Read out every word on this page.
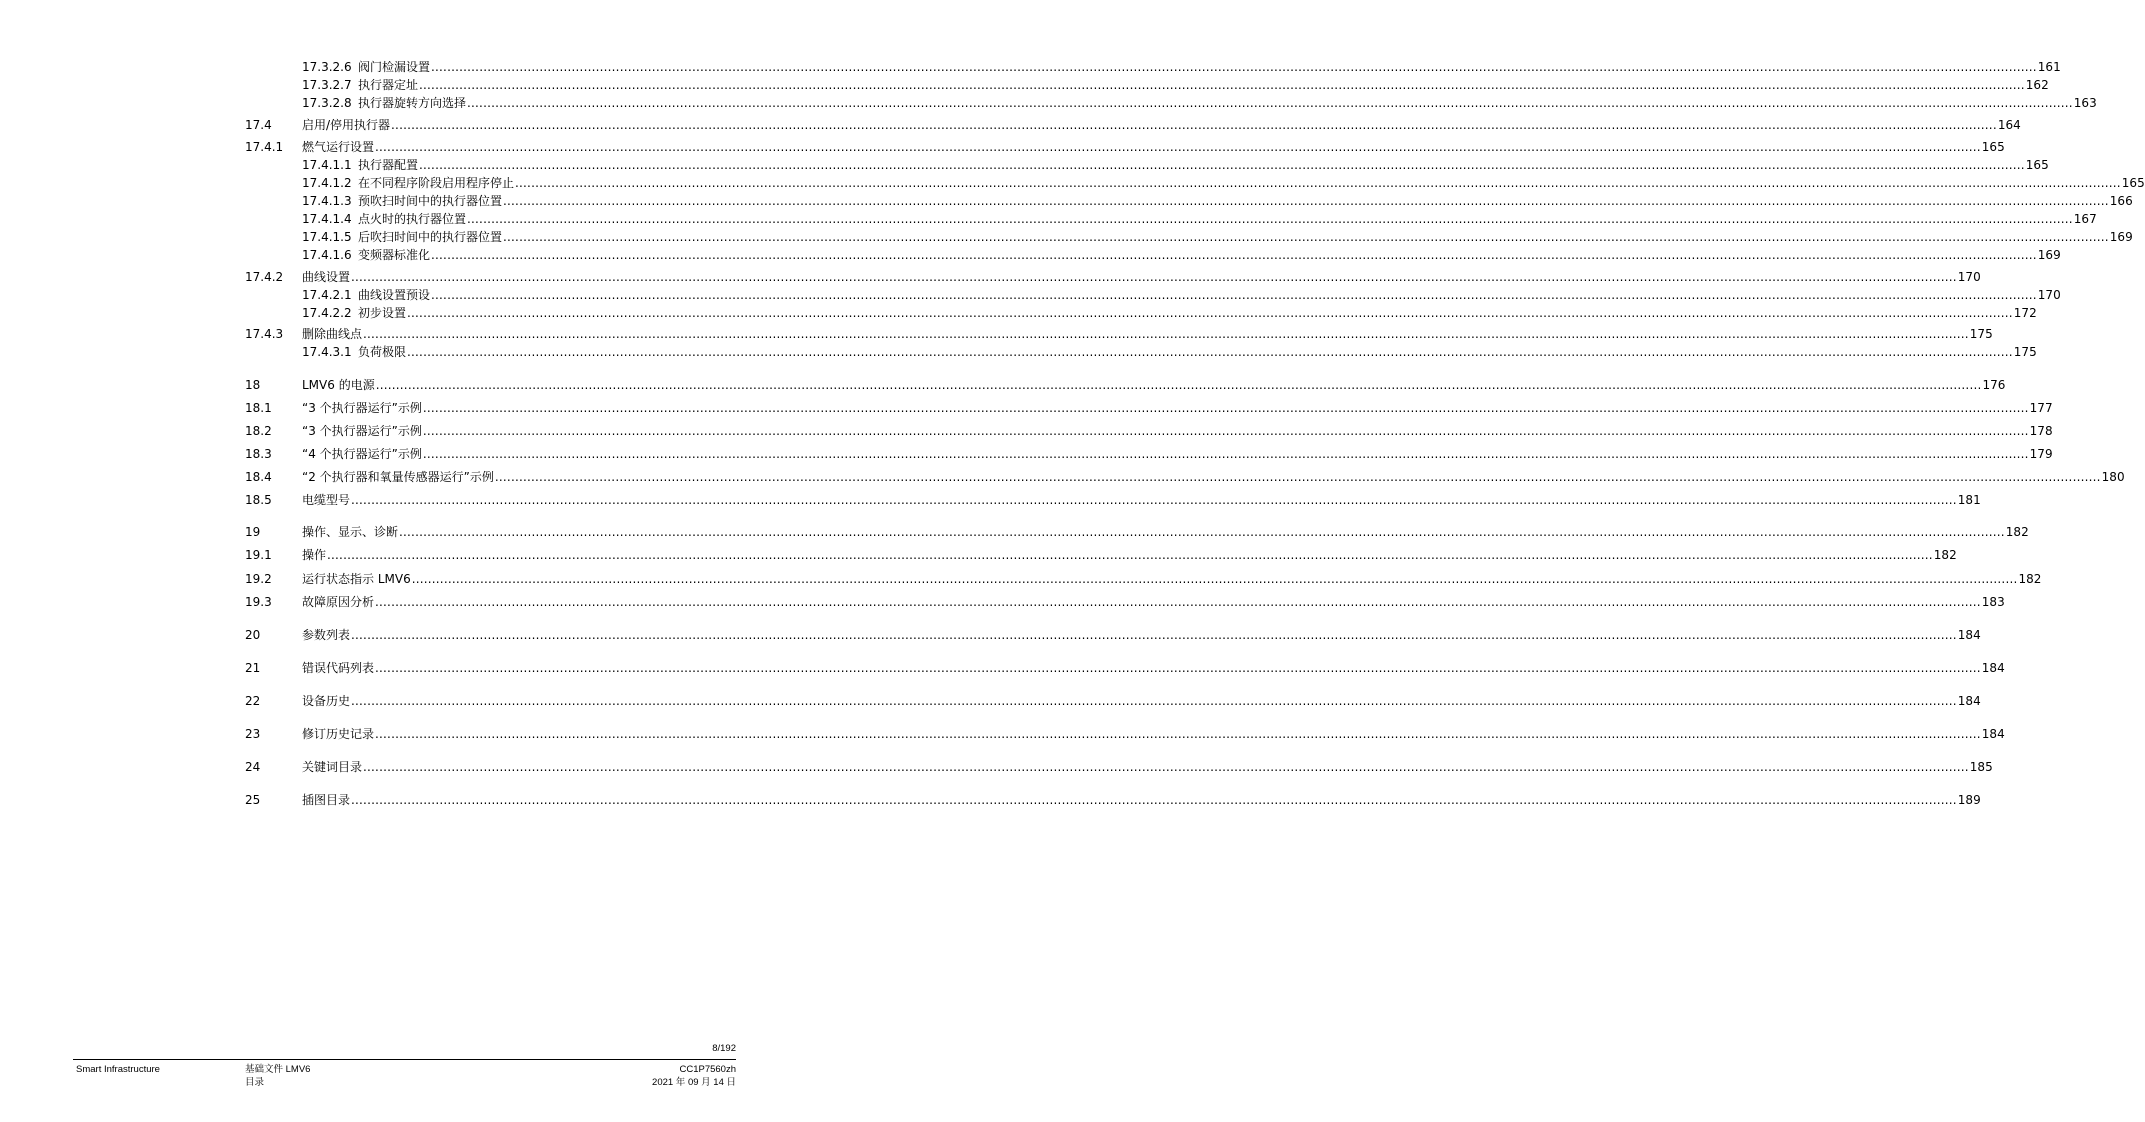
17.3.2.6 阀门检漏设置 ................................................................................................................................................................................................................................................................................................................................................................................................................ 161
17.3.2.7 执行器定址 ................................................................................................................................................................................................................................................................................................................................................................................................................ 162
17.3.2.8 执行器旋转方向选择 ................................................................................................................................................................................................................................................................................................................................................................................................................ 163
17.4	启用/停用执行器 ................................................................................................................................................................................................................................................................................................................................................................................................................ 164
17.4.1 燃气运行设置 ................................................................................................................................................................................................................................................................................................................................................................................................................ 165
17.4.1.1 执行器配置 ................................................................................................................................................................................................................................................................................................................................................................................................................ 165
17.4.1.2 在不同程序阶段启用程序停止 ................................................................................................................................................................................................................................................................................................................................................................................................................ 165
17.4.1.3 预吹扫时间中的执行器位置 ................................................................................................................................................................................................................................................................................................................................................................................................................ 166
17.4.1.4 点火时的执行器位置 ................................................................................................................................................................................................................................................................................................................................................................................................................ 167
17.4.1.5 后吹扫时间中的执行器位置 ................................................................................................................................................................................................................................................................................................................................................................................................................ 169
17.4.1.6 变频器标准化 ................................................................................................................................................................................................................................................................................................................................................................................................................ 169
17.4.2 曲线设置 ................................................................................................................................................................................................................................................................................................................................................................................................................ 170
17.4.2.1 曲线设置预设 ................................................................................................................................................................................................................................................................................................................................................................................................................ 170
17.4.2.2 初步设置 ................................................................................................................................................................................................................................................................................................................................................................................................................ 172
17.4.3 删除曲线点 ................................................................................................................................................................................................................................................................................................................................................................................................................ 175
17.4.3.1 负荷极限 ................................................................................................................................................................................................................................................................................................................................................................................................................ 175
18	LMV6 的电源 ................................................................................................................................................................................................................................................................................................................................................................................................................ 176
18.1	“3 个执行器运行”示例 ................................................................................................................................................................................................................................................................................................................................................................................................................ 177
18.2	“3 个执行器运行”示例 ................................................................................................................................................................................................................................................................................................................................................................................................................ 178
18.3	“4 个执行器运行”示例 ................................................................................................................................................................................................................................................................................................................................................................................................................ 179
18.4	“2 个执行器和氧量传感器运行”示例 ................................................................................................................................................................................................................................................................................................................................................................................................................ 180
18.5	电缆型号 ................................................................................................................................................................................................................................................................................................................................................................................................................ 181
19	操作、显示、诊断 ................................................................................................................................................................................................................................................................................................................................................................................................................ 182
19.1	操作 ................................................................................................................................................................................................................................................................................................................................................................................................................ 182
19.2	运行状态指示 LMV6 ................................................................................................................................................................................................................................................................................................................................................................................................................ 182
19.3	故障原因分析 ................................................................................................................................................................................................................................................................................................................................................................................................................ 183
20	参数列表 ................................................................................................................................................................................................................................................................................................................................................................................................................ 184
21	错误代码列表 ................................................................................................................................................................................................................................................................................................................................................................................................................ 184
22	设备历史 ................................................................................................................................................................................................................................................................................................................................................................................................................ 184
23	修订历史记录 ................................................................................................................................................................................................................................................................................................................................................................................................................ 184
24	关键词目录 ................................................................................................................................................................................................................................................................................................................................................................................................................ 185
25	插图目录 ................................................................................................................................................................................................................................................................................................................................................................................................................ 189
8/192
Smart Infrastructure	基础文件 LMV6
目录
CC1P7560zh
2021 年 09 月 14 日
